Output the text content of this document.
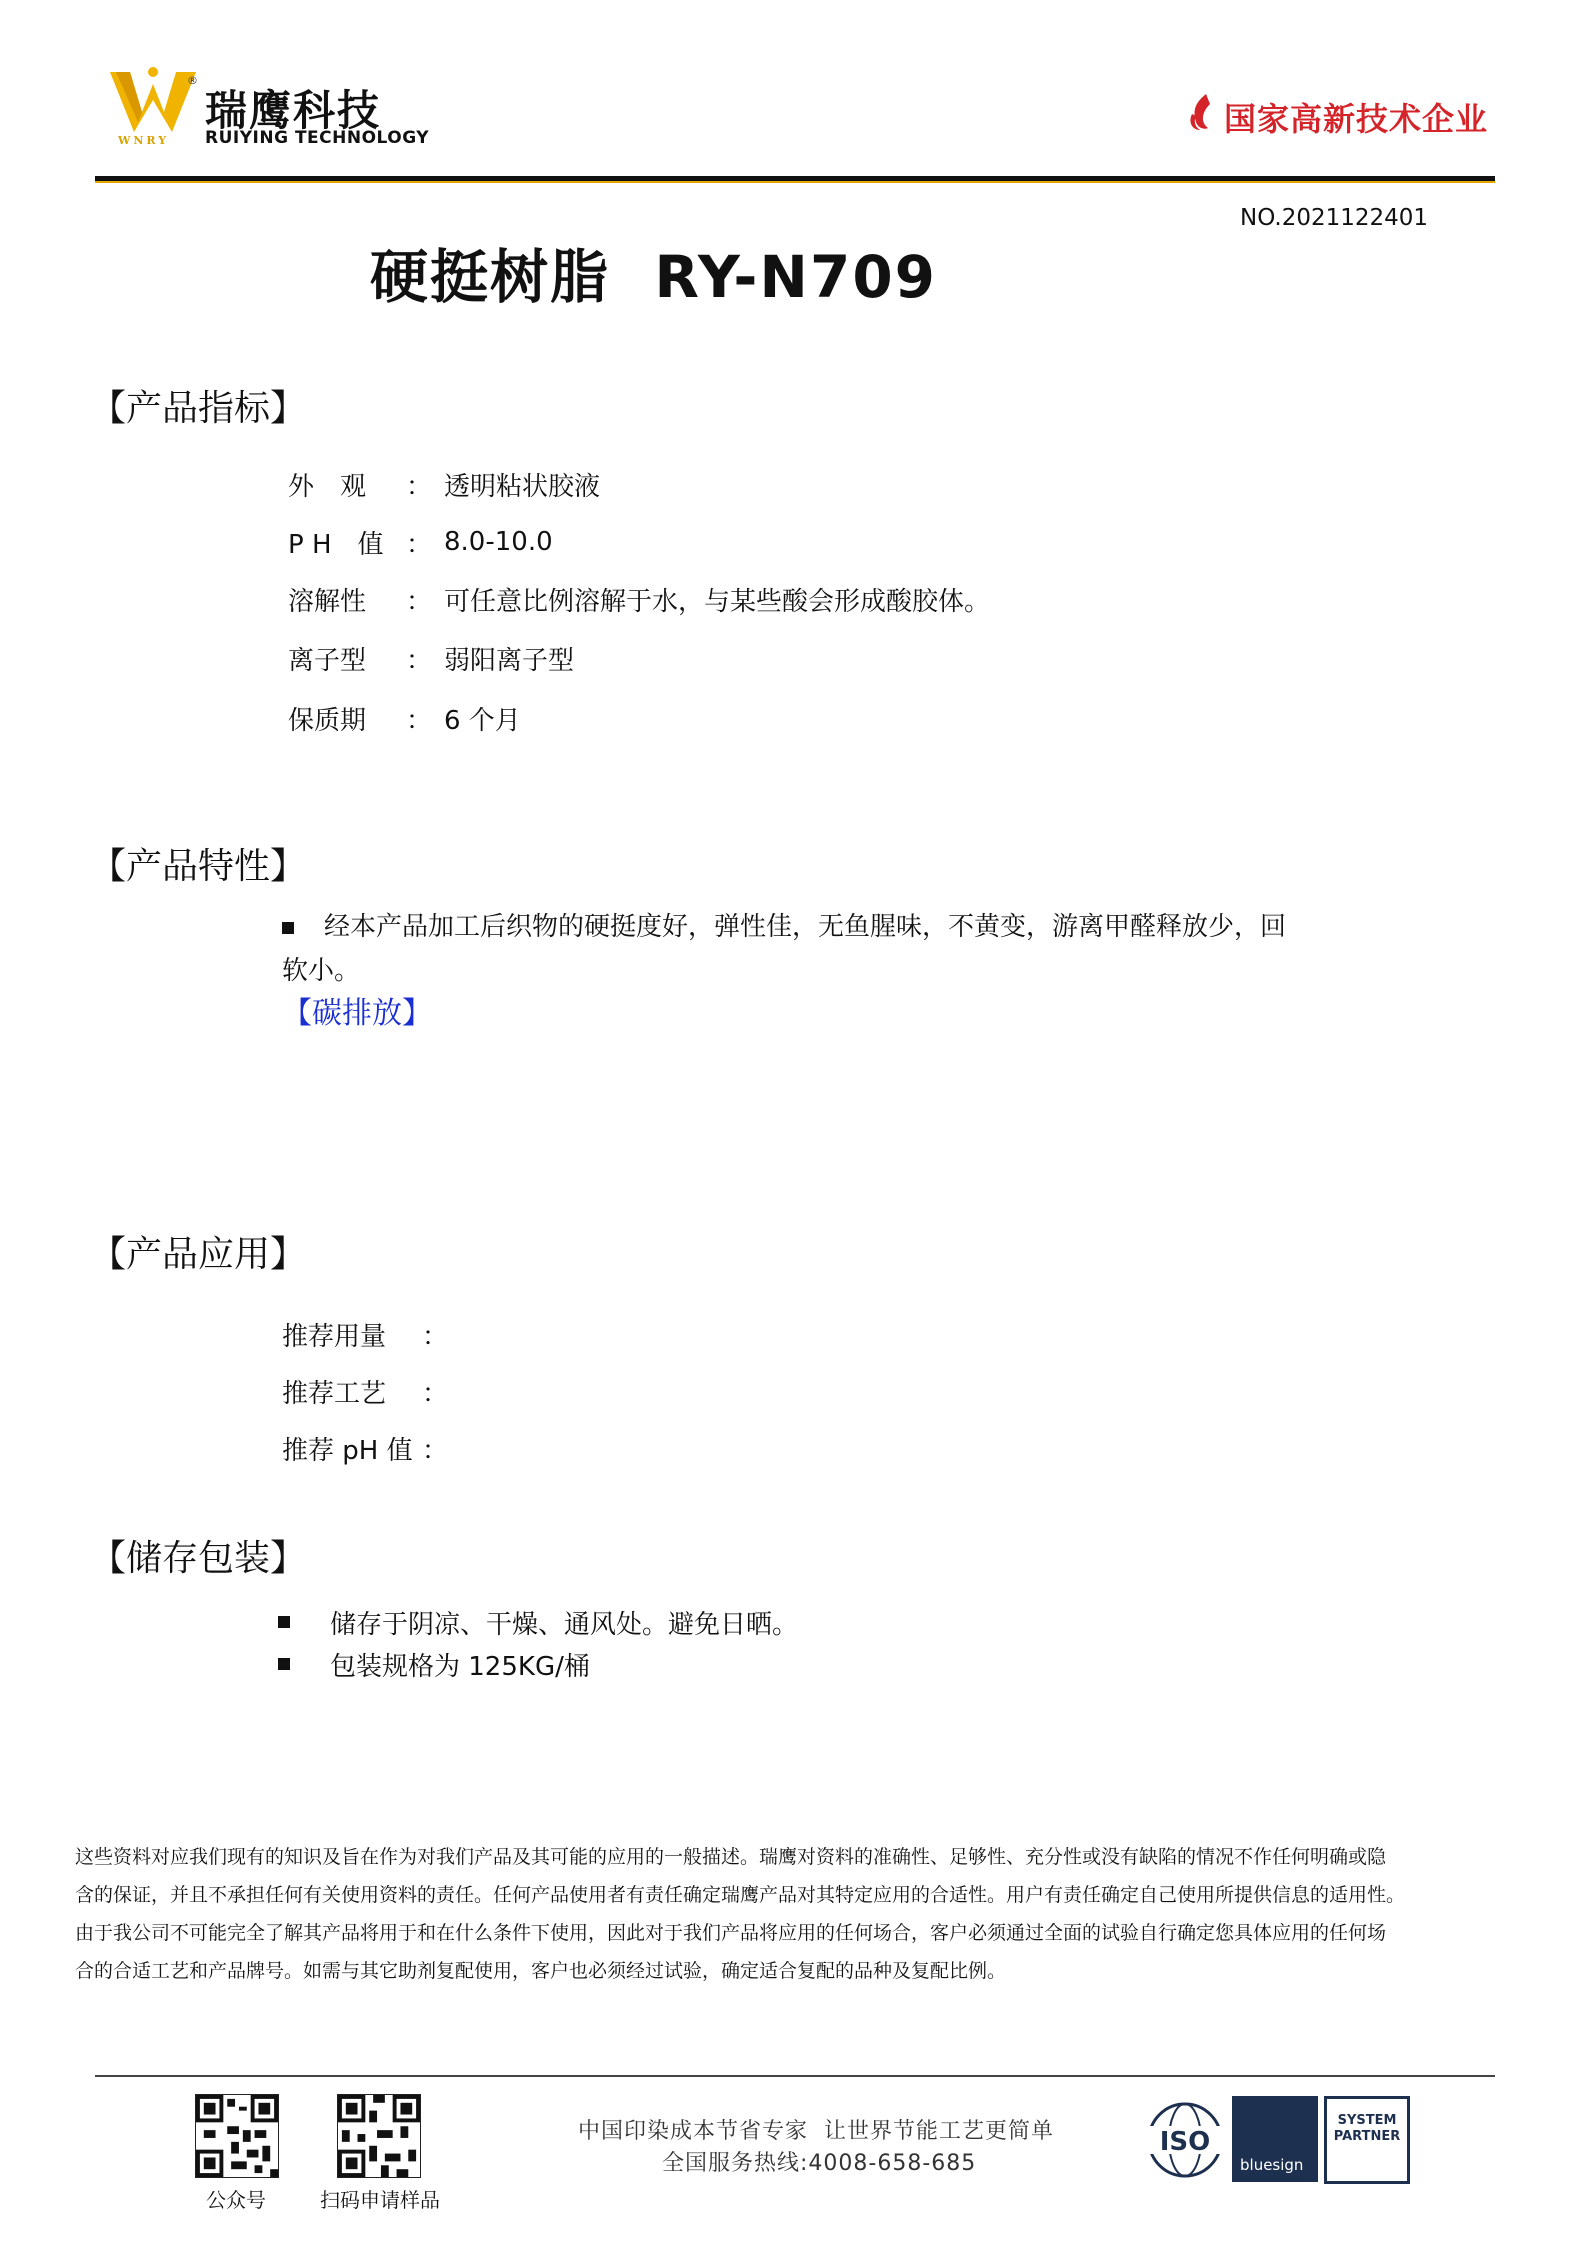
®
WNRY
瑞鹰科技
RUIYING TECHNOLOGY	国家高新技术企业
NO.2021122401
硬挺树脂  RY-N709
【产品指标】
外　观	： 透明粘状胶液
P H　值 ： 8.0-10.0
溶解性	： 可任意比例溶解于水，与某些酸会形成酸胶体。
离子型	： 弱阳离子型
保质期	： 6 个月
【产品特性】
经本产品加工后织物的硬挺度好，弹性佳，无鱼腥味，不黄变，游离甲醛释放少，回
软小。
【碳排放】
【产品应用】
推荐用量	：
推荐工艺	：
推荐 pH 值 ：
【储存包装】
储存于阴凉、干燥、通风处。避免日晒。
包装规格为 125KG/桶
这些资料对应我们现有的知识及旨在作为对我们产品及其可能的应用的一般描述。瑞鹰对资料的准确性、足够性、充分性或没有缺陷的情况不作任何明确或隐
含的保证，并且不承担任何有关使用资料的责任。任何产品使用者有责任确定瑞鹰产品对其特定应用的合适性。用户有责任确定自己使用所提供信息的适用性。
由于我公司不可能完全了解其产品将用于和在什么条件下使用，因此对于我们产品将应用的任何场合，客户必须通过全面的试验自行确定您具体应用的任何场
合的合适工艺和产品牌号。如需与其它助剂复配使用，客户也必须经过试验，确定适合复配的品种及复配比例。
公众号	扫码申请样品
中国印染成本节省专家  让世界节能工艺更简单
全国服务热线:4008-658-685
ISO
bluesign
SYSTEM PARTNER
